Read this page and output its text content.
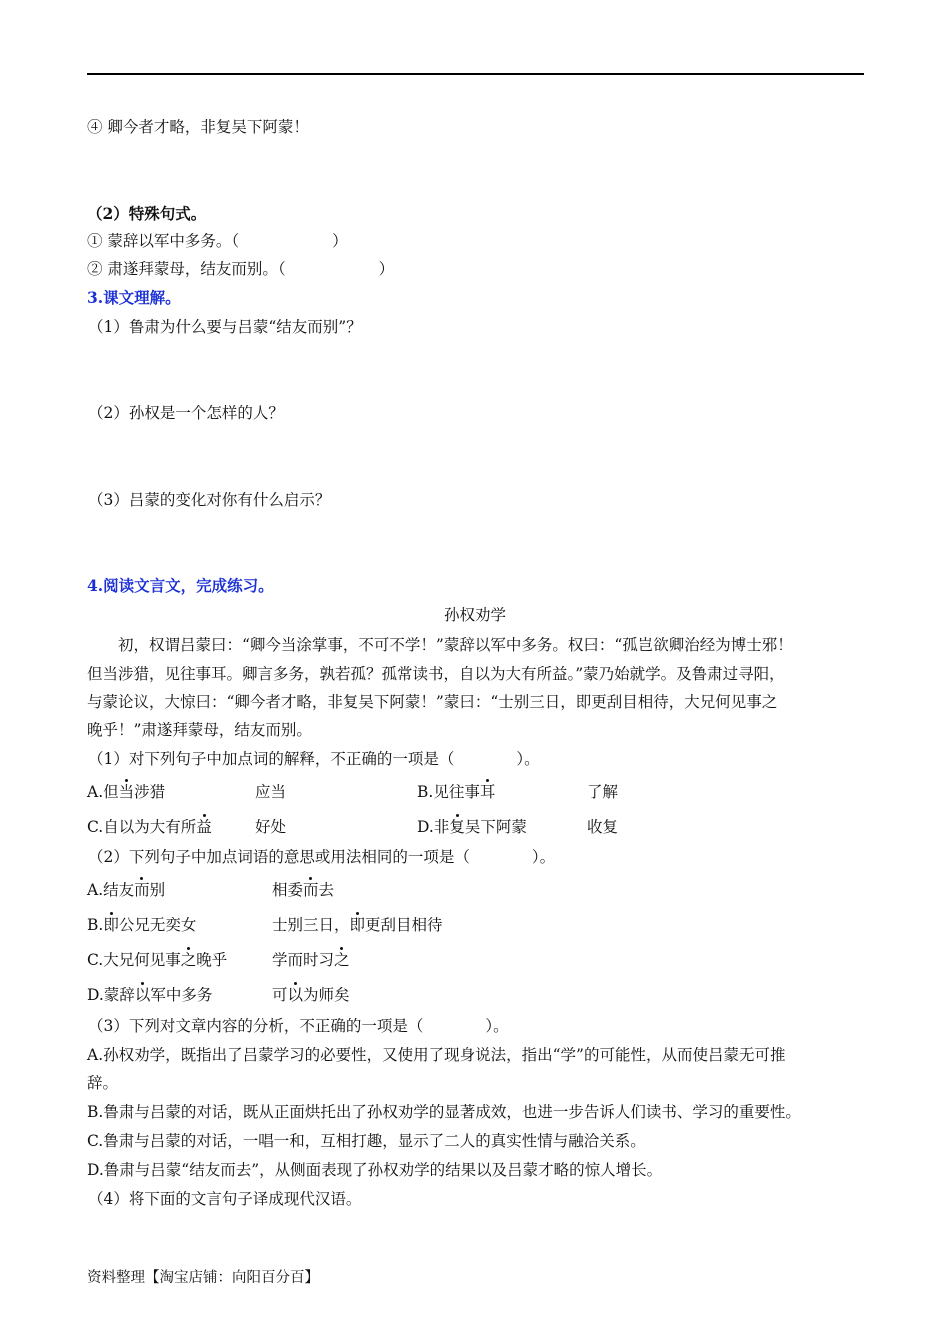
④ 卿今者才略，非复吴下阿蒙！
（2）特殊句式。
① 蒙辞以军中多务。（　　　　　　）
② 肃遂拜蒙母，结友而别。（　　　　　　）
3.课文理解。
（1）鲁肃为什么要与吕蒙“结友而别”？
（2）孙权是一个怎样的人？
（3）吕蒙的变化对你有什么启示？
4.阅读文言文，完成练习。
孙权劝学
　　初，权谓吕蒙曰：“卿今当涂掌事，不可不学！”蒙辞以军中多务。权曰：“孤岂欲卿治经为博士邪！
但当涉猎，见往事耳。卿言多务，孰若孤？孤常读书，自以为大有所益。”蒙乃始就学。及鲁肃过寻阳，
与蒙论议，大惊曰：“卿今者才略，非复吴下阿蒙！”蒙曰：“士别三日，即更刮目相待，大兄何见事之
晚乎！”肃遂拜蒙母，结友而别。
（1）对下列句子中加点词的解释，不正确的一项是（　　　　）。
A.但当涉猎	应当	B.见往事耳	了解
C.自以为大有所益	好处	D.非复吴下阿蒙	收复
（2）下列句子中加点词语的意思或用法相同的一项是（　　　　）。
A.结友而别	相委而去
B.即公兄无奕女	士别三日，即更刮目相待
C.大兄何见事之晚乎	学而时习之
D.蒙辞以军中多务	可以为师矣
（3）下列对文章内容的分析，不正确的一项是（　　　　）。
A.孙权劝学，既指出了吕蒙学习的必要性，又使用了现身说法，指出“学”的可能性，从而使吕蒙无可推
辞。
B.鲁肃与吕蒙的对话，既从正面烘托出了孙权劝学的显著成效，也进一步告诉人们读书、学习的重要性。
C.鲁肃与吕蒙的对话，一唱一和，互相打趣，显示了二人的真实性情与融洽关系。
D.鲁肃与吕蒙“结友而去”，从侧面表现了孙权劝学的结果以及吕蒙才略的惊人增长。
（4）将下面的文言句子译成现代汉语。
资料整理【淘宝店铺：向阳百分百】
